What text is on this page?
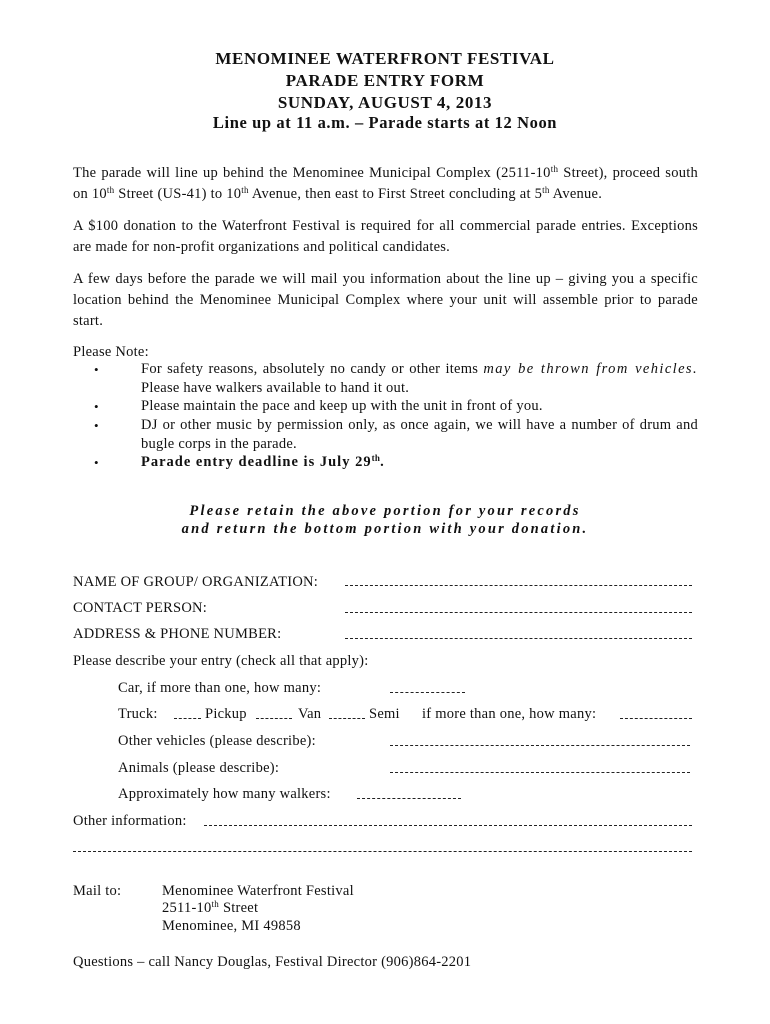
MENOMINEE WATERFRONT FESTIVAL
PARADE ENTRY FORM
SUNDAY, AUGUST 4, 2013
Line up at 11 a.m. – Parade starts at 12 Noon
The parade will line up behind the Menominee Municipal Complex (2511-10th Street), proceed south on 10th Street (US-41) to 10th Avenue, then east to First Street concluding at 5th Avenue.
A $100 donation to the Waterfront Festival is required for all commercial parade entries. Exceptions are made for non-profit organizations and political candidates.
A few days before the parade we will mail you information about the line up – giving you a specific location behind the Menominee Municipal Complex where your unit will assemble prior to parade start.
Please Note:
•	For safety reasons, absolutely no candy or other items may be thrown from vehicles. Please have walkers available to hand it out.
•	Please maintain the pace and keep up with the unit in front of you.
•	DJ or other music by permission only, as once again, we will have a number of drum and bugle corps in the parade.
•	Parade entry deadline is July 29th.
Please retain the above portion for your records
and return the bottom portion with your donation.
NAME OF GROUP/ ORGANIZATION:
CONTACT PERSON:
ADDRESS & PHONE NUMBER:
Please describe your entry (check all that apply):
Car, if more than one, how many:
Truck:	Pickup	Van	Semi if more than one, how many:
Other vehicles (please describe):
Animals (please describe):
Approximately how many walkers:
Other information:
Mail to:	Menominee Waterfront Festival
2511-10th Street
Menominee, MI 49858
Questions – call Nancy Douglas, Festival Director (906)864-2201
